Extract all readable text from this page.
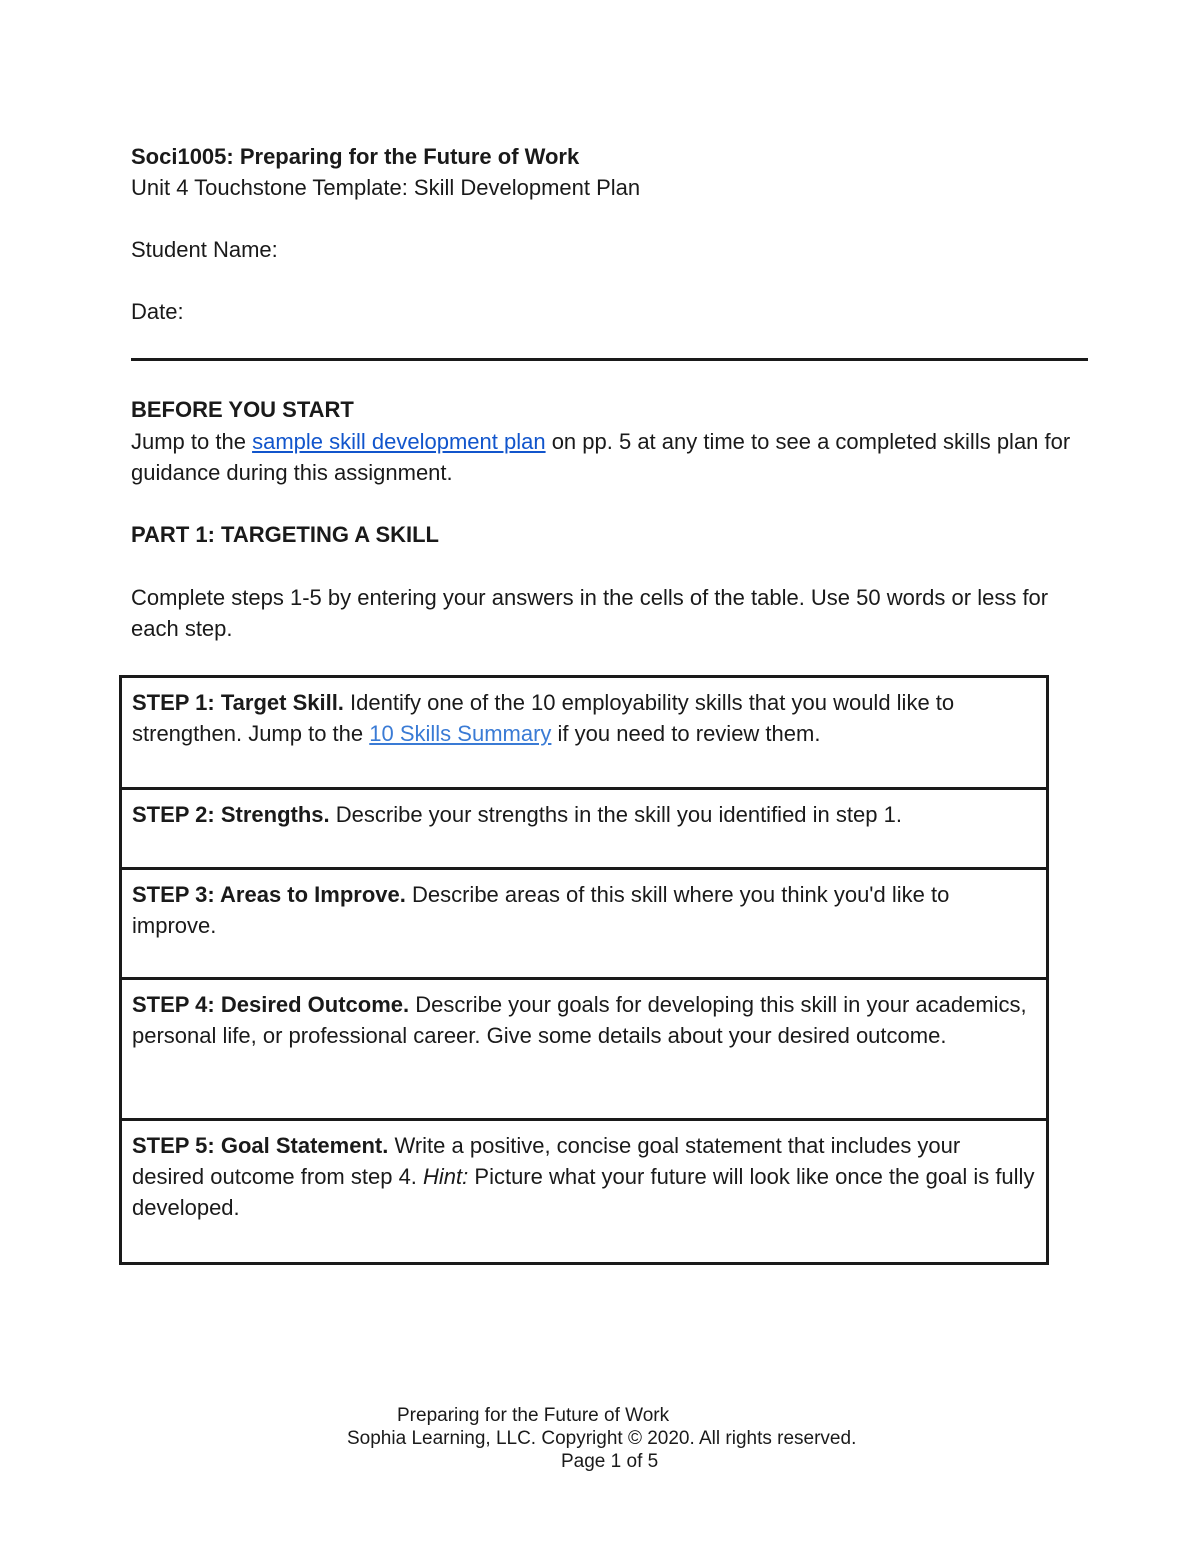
Soci1005: Preparing for the Future of Work
Unit 4 Touchstone Template: Skill Development Plan
Student Name:
Date:
BEFORE YOU START
Jump to the sample skill development plan on pp. 5 at any time to see a completed skills plan for guidance during this assignment.
PART 1: TARGETING A SKILL
Complete steps 1-5 by entering your answers in the cells of the table. Use 50 words or less for each step.
STEP 1: Target Skill. Identify one of the 10 employability skills that you would like to strengthen. Jump to the 10 Skills Summary if you need to review them.
STEP 2: Strengths. Describe your strengths in the skill you identified in step 1.
STEP 3: Areas to Improve. Describe areas of this skill where you think you'd like to improve.
STEP 4: Desired Outcome. Describe your goals for developing this skill in your academics, personal life, or professional career. Give some details about your desired outcome.
STEP 5: Goal Statement. Write a positive, concise goal statement that includes your desired outcome from step 4. Hint: Picture what your future will look like once the goal is fully developed.
Preparing for the Future of Work
Sophia Learning, LLC. Copyright © 2020. All rights reserved.
Page 1 of 5
